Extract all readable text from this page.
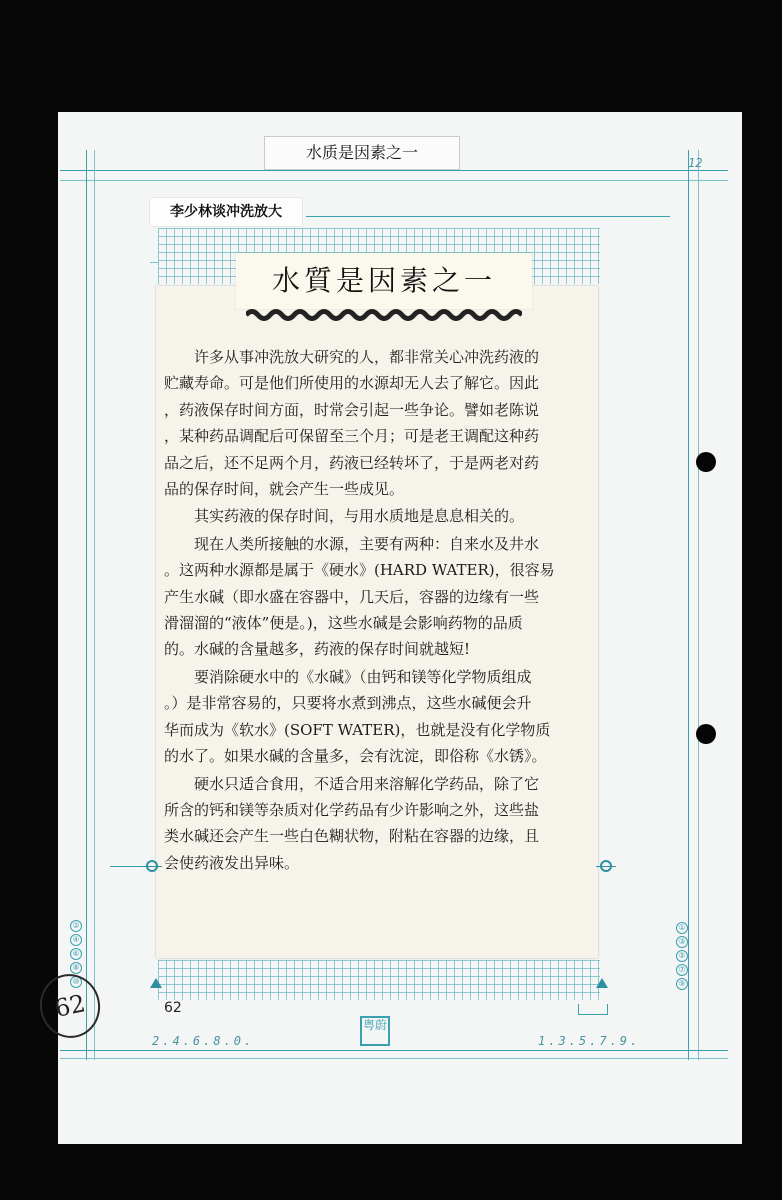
水质是因素之一
12
李少林谈冲洗放大
水質是因素之一

许多从事冲洗放大研究的人，都非常关心冲洗药液的
贮藏寿命。可是他们所使用的水源却无人去了解它。因此
，药液保存时间方面，时常会引起一些争论。譬如老陈说
，某种药品调配后可保留至三个月；可是老王调配这种药
品之后，还不足两个月，药液已经转坏了，于是两老对药
品的保存时间，就会产生一些成见。

其实药液的保存时间，与用水质地是息息相关的。

现在人类所接触的水源，主要有两种：自来水及井水
。这两种水源都是属于《硬水》(HARD WATER)，很容易
产生水碱（即水盛在容器中，几天后，容器的边缘有一些
滑溜溜的“液体”便是。)，这些水碱是会影响药物的品质
的。水碱的含量越多，药液的保存时间就越短!

要消除硬水中的《水碱》（由钙和镁等化学物质组成
。）是非常容易的，只要将水煮到沸点，这些水碱便会升
华而成为《软水》(SOFT WATER)，也就是没有化学物质
的水了。如果水碱的含量多，会有沈淀，即俗称《水锈》。

硬水只适合食用，不适合用来溶解化学药品，除了它
所含的钙和镁等杂质对化学药品有少许影响之外，这些盐
类水碱还会产生一些白色糊状物，附粘在容器的边缘，且
会使药液发出异味。

②
④
⑥
⑧
⑩
①
③
⑤
⑦
⑨
62
62
2.4.6.8.0.	1.3.5.7.9.
粤蔚
